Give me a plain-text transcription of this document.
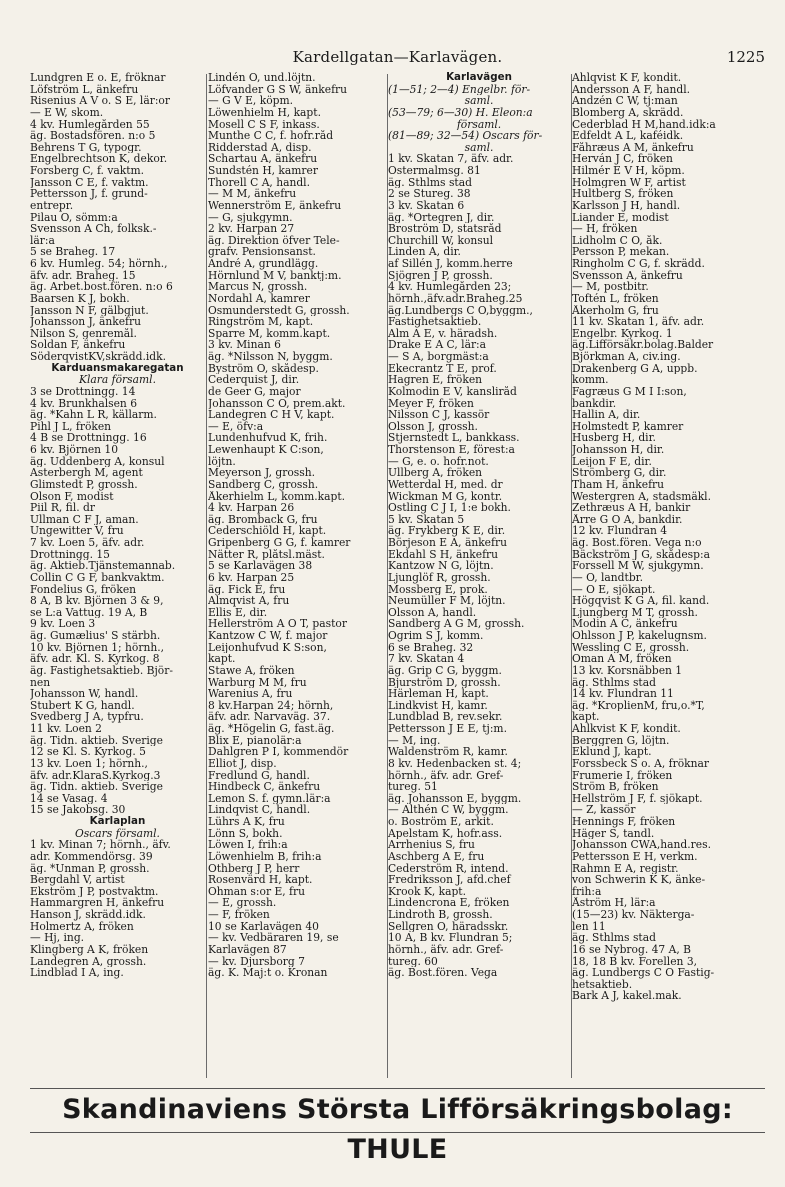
Kardellgatan—Karlavägen.	1225
Lundgren E o. E, fröknar
Löfström L, änkefru
Risenius A V o. S E, lär:or
— E W, skom.
4 kv. Humlegården 55
äg. Bostadsfören. n:o 5
Behrens T G, typogr.
Engelbrechtson K, dekor.
Forsberg C, f. vaktm.
Jansson C E, f. vaktm.
Pettersson J, f. grund-
entrepr.
Pilau O, sömm:a
Svensson A Ch, folksk.-
lär:a
5 se Braheg. 17
6 kv. Humleg. 54; hörnh.,
äfv. adr. Braheg. 15
äg. Arbet.bost.fören. n:o 6
Baarsen K J, bokh.
Jansson N F, gälbgjut.
Johansson J, änkefru
Nilson S, genremål.
Soldan F, änkefru
SöderqvistKV,skrädd.idk.
Karduansmakaregatan
Klara församl.
3 se Drottningg. 14
4 kv. Brunkhalsen 6
äg. *Kahn L R, källarm.
Pihl J L, fröken
4 B se Drottningg. 16
6 kv. Björnen 10
äg. Uddenberg A, konsul
Asterbergh M, agent
Glimstedt P, grossh.
Olson F, modist
Piil R, fil. dr
Ullman C F J, aman.
Ungewitter V, fru
7 kv. Loen 5, äfv. adr.
Drottningg. 15
äg. Aktieb.Tjänstemannab.
Collin C G F, bankvaktm.
Fondelius G, fröken
8 A, B kv. Björnen 3 & 9,
se L:a Vattug. 19 A, B
9 kv. Loen 3
äg. Gumælius' S stärbh.
10 kv. Björnen 1; hörnh.,
äfv. adr. Kl. S. Kyrkog. 8
äg. Fastighetsaktieb. Björ-
nen
Johansson W, handl.
Stubert K G, handl.
Svedberg J A, typfru.
11 kv. Loen 2
äg. Tidn. aktieb. Sverige
12 se Kl. S. Kyrkog. 5
13 kv. Loen 1; hörnh.,
äfv. adr.KlaraS.Kyrkog.3
äg. Tidn. aktieb. Sverige
14 se Vasag. 4
15 se Jakobsg. 30
Karlaplan
Oscars församl.
1 kv. Minan 7; hörnh., äfv.
adr. Kommendörsg. 39
äg. *Unman P, grossh.
Bergdahl V, artist
Ekström J P, postvaktm.
Hammargren H, änkefru
Hanson J, skrädd.idk.
Holmertz A, fröken
— Hj, ing.
Klingberg A K, fröken
Landegren A, grossh.
Lindblad I A, ing.
Lindén O, und.löjtn.
Löfvander G S W, änkefru
— G V E, köpm.
Löwenhielm H, kapt.
Mosell C S F, inkass.
Munthe C C, f. hofr.råd
Ridderstad A, disp.
Schartau A, änkefru
Sundstén H, kamrer
Thorell C A, handl.
— M M, änkefru
Wennerström E, änkefru
— G, sjukgymn.
2 kv. Harpan 27
äg. Direktion öfver Tele-
grafv. Pensionsanst.
André A, grundlägg.
Hörnlund M V, banktj:m.
Marcus N, grossh.
Nordahl A, kamrer
Osmunderstedt G, grossh.
Ringström M, kapt.
Sparre M, komm.kapt.
3 kv. Minan 6
äg. *Nilsson N, byggm.
Byström O, skådesp.
Cederquist J, dir.
de Geer G, major
Johansson C O, prem.akt.
Landegren C H V, kapt.
— E, öfv:a
Lundenhufvud K, frih.
Lewenhaupt K C:son,
löjtn.
Meyerson J, grossh.
Sandberg C, grossh.
Åkerhielm L, komm.kapt.
4 kv. Harpan 26
äg. Bromback G, fru
Cederschiöld H, kapt.
Gripenberg G G, f. kamrer
Nätter R, plåtsl.mäst.
5 se Karlavägen 38
6 kv. Harpan 25
äg. Fick E, fru
Almqvist A, fru
Ellis E, dir.
Hellerström A O T, pastor
Kantzow C W, f. major
Leijonhufvud K S:son,
kapt.
Stawe A, fröken
Warburg M M, fru
Warenius A, fru
8 kv.Harpan 24; hörnh,
äfv. adr. Narvaväg. 37.
äg. *Högelin G, fast.äg.
Blix E, pianolär:a
Dahlgren P I, kommendör
Elliot J, disp.
Fredlund G, handl.
Hindbeck C, änkefru
Lemon S. f. gymn.lär:a
Lindqvist C, handl.
Lührs A K, fru
Lönn S, bokh.
Löwen I, frih:a
Löwenhielm B, frih:a
Othberg J P, herr
Rosenvärd H, kapt.
Öhman s:or E, fru
— E, grossh.
— F, fröken
10 se Karlavägen 40
— kv. Vedbäraren 19, se
Karlavägen 87
— kv. Djursborg 7
äg. K. Maj:t o. Kronan
Karlavägen
(1—51; 2—4) Engelbr. för-
saml.
(53—79; 6—30) H. Eleon:a
församl.
(81—89; 32—54) Oscars för-
saml.
1 kv. Skatan 7, äfv. adr.
Östermalmsg. 81
äg. Sthlms stad
2 se Stureg. 38
3 kv. Skatan 6
äg. *Örtegren J, dir.
Broström D, statsråd
Churchill W, konsul
Linden A, dir.
af Sillén J, komm.herre
Sjögren J P, grossh.
4 kv. Humlegården 23;
hörnh.,äfv.adr.Braheg.25
äg.Lundbergs C O,byggm.,
Fastighetsaktieb.
Alm A E, v. häradsh.
Drake E A C, lär:a
— S A, borgmäst:a
Ekecrantz T E, prof.
Hagren E, fröken
Kolmodin E V, kansliråd
Meyer F, fröken
Nilsson C J, kassör
Olsson J, grossh.
Stjernstedt L, bankkass.
Thorstenson E, förest:a
— G, e. o. hofr.not.
Ullberg A, fröken
Wetterdal H, med. dr
Wickman M G, kontr.
Östling C J I, 1:e bokh.
5 kv. Skatan 5
äg. Frykberg K E, dir.
Börjeson E A, änkefru
Ekdahl S H, änkefru
Kantzow N G, löjtn.
Ljunglöf R, grossh.
Mossberg E, prok.
Neumüller F M, löjtn.
Olsson A, handl.
Sandberg A G M, grossh.
Ögrim S J, komm.
6 se Braheg. 32
7 kv. Skatan 4
äg. Grip C G, byggm.
Bjurström D, grossh.
Härleman H, kapt.
Lindkvist H, kamr.
Lundblad B, rev.sekr.
Pettersson J E E, tj:m.
— M, ing.
Waldenström R, kamr.
8 kv. Hedenbacken st. 4;
hörnh., äfv. adr. Gref-
tureg. 51
äg. Johansson E, byggm.
— Althén C W, byggm.
o. Boström E, arkit.
Apelstam K, hofr.ass.
Arrhenius S, fru
Aschberg A E, fru
Cederström R, intend.
Fredriksson J, afd.chef
Krook K, kapt.
Lindencrona E, fröken
Lindroth B, grossh.
Sellgren O, häradsskr.
10 A, B kv. Flundran 5;
hörnh., äfv. adr. Gref-
tureg. 60
äg. Bost.fören. Vega
Ahlqvist K F, kondit.
Andersson A F, handl.
Andzén C W, tj:man
Blomberg A, skrädd.
Cederblad H M,hand.idk:a
Edfeldt A L, kaféidk.
Fåhræus A M, änkefru
Herván J C, fröken
Hilmér E V H, köpm.
Holmgren W F, artist
Hultberg S, fröken
Karlsson J H, handl.
Liander E, modist
— H, fröken
Lidholm C O, åk.
Persson P, mekan.
Ringholm C G, f. skrädd.
Svensson A, änkefru
— M, postbitr.
Toftén L, fröken
Åkerholm G, fru
11 kv. Skatan 1, äfv. adr.
Engelbr. Kyrkog. 1
äg.Lifförsäkr.bolag.Balder
Björkman A, civ.ing.
Drakenberg G A, uppb.
komm.
Fagræus G M I I:son,
bankdir.
Hallin A, dir.
Holmstedt P, kamrer
Husberg H, dir.
Johansson H, dir.
Leijon F E, dir.
Strömberg G, dir.
Tham H, änkefru
Westergren A, stadsmäkl.
Zethræus A H, bankir
Årre G O A, bankdir.
12 kv. Flundran 4
äg. Bost.fören. Vega n:o
Bäckström J G, skådesp:a
Forssell M W, sjukgymn.
— O, landtbr.
— O E, sjökapt.
Högqvist K G A, fil. kand.
Ljungberg M T, grossh.
Modin A C, änkefru
Ohlsson J P, kakelugnsm.
Wessling C E, grossh.
Öman A M, fröken
13 kv. Korsnäbben 1
äg. Sthlms stad
14 kv. Flundran 11
äg. *KroplienM, fru,o.*T,
kapt.
Ahlkvist K F, kondit.
Berggren G, löjtn.
Eklund J, kapt.
Forssbeck S o. A, fröknar
Frumerie I, fröken
Ström B, fröken
Hellström J F, f. sjökapt.
— Z, kassör
Hennings F, fröken
Häger S, tandl.
Johansson CWA,hand.res.
Pettersson E H, verkm.
Rahmn E A, registr.
von Schwerin K K, änke-
frih:a
Åström H, lär:a
(15—23) kv. Näkterga-
len 11
äg. Sthlms stad
16 se Nybrog. 47 A, B
18, 18 B kv. Forellen 3,
äg. Lundbergs C O Fastig-
hetsaktieb.
Bark A J, kakel.mak.
Skandinaviens Största Lifförsäkringsbolag: THULE
